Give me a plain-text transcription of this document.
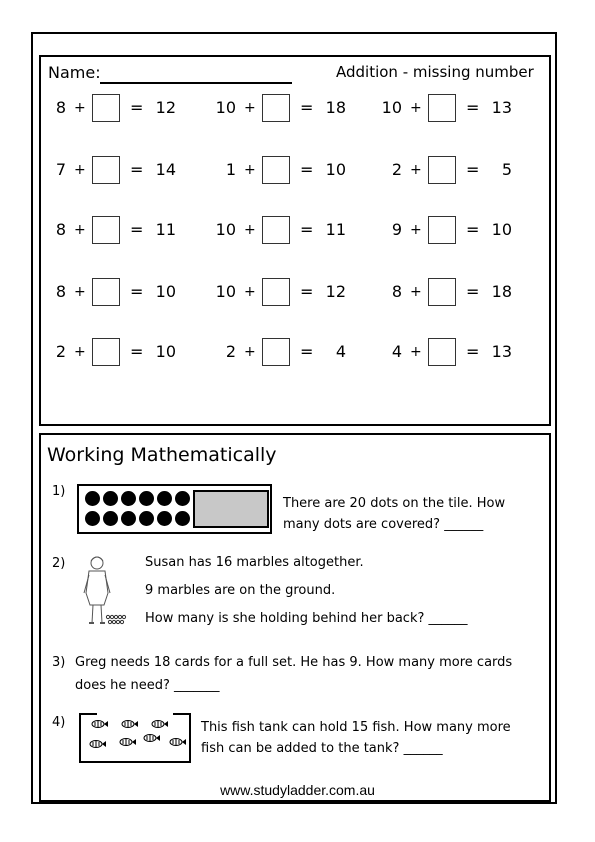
Name:	Addition - missing number
8 +	= 12	10 +	= 18	10 +	= 13
7 +	= 14	1 +	= 10	2 +	=	5
8 +	= 11	10 +	= 11	9 +	= 10
8 +	= 10	10 +	= 12	8 +	= 18
2 +	= 10	2 +	=	4	4 +	= 13
Working Mathematically
1)
There are 20 dots on the tile. How
many dots are covered? ______
2)	Susan has 16 marbles altogether.
9 marbles are on the ground.
How many is she holding behind her back? ______
3) Greg needs 18 cards for a full set. He has 9. How many more cards
does he need? _______
4)	This fish tank can hold 15 fish. How many more
fish can be added to the tank? ______
www.studyladder.com.au
